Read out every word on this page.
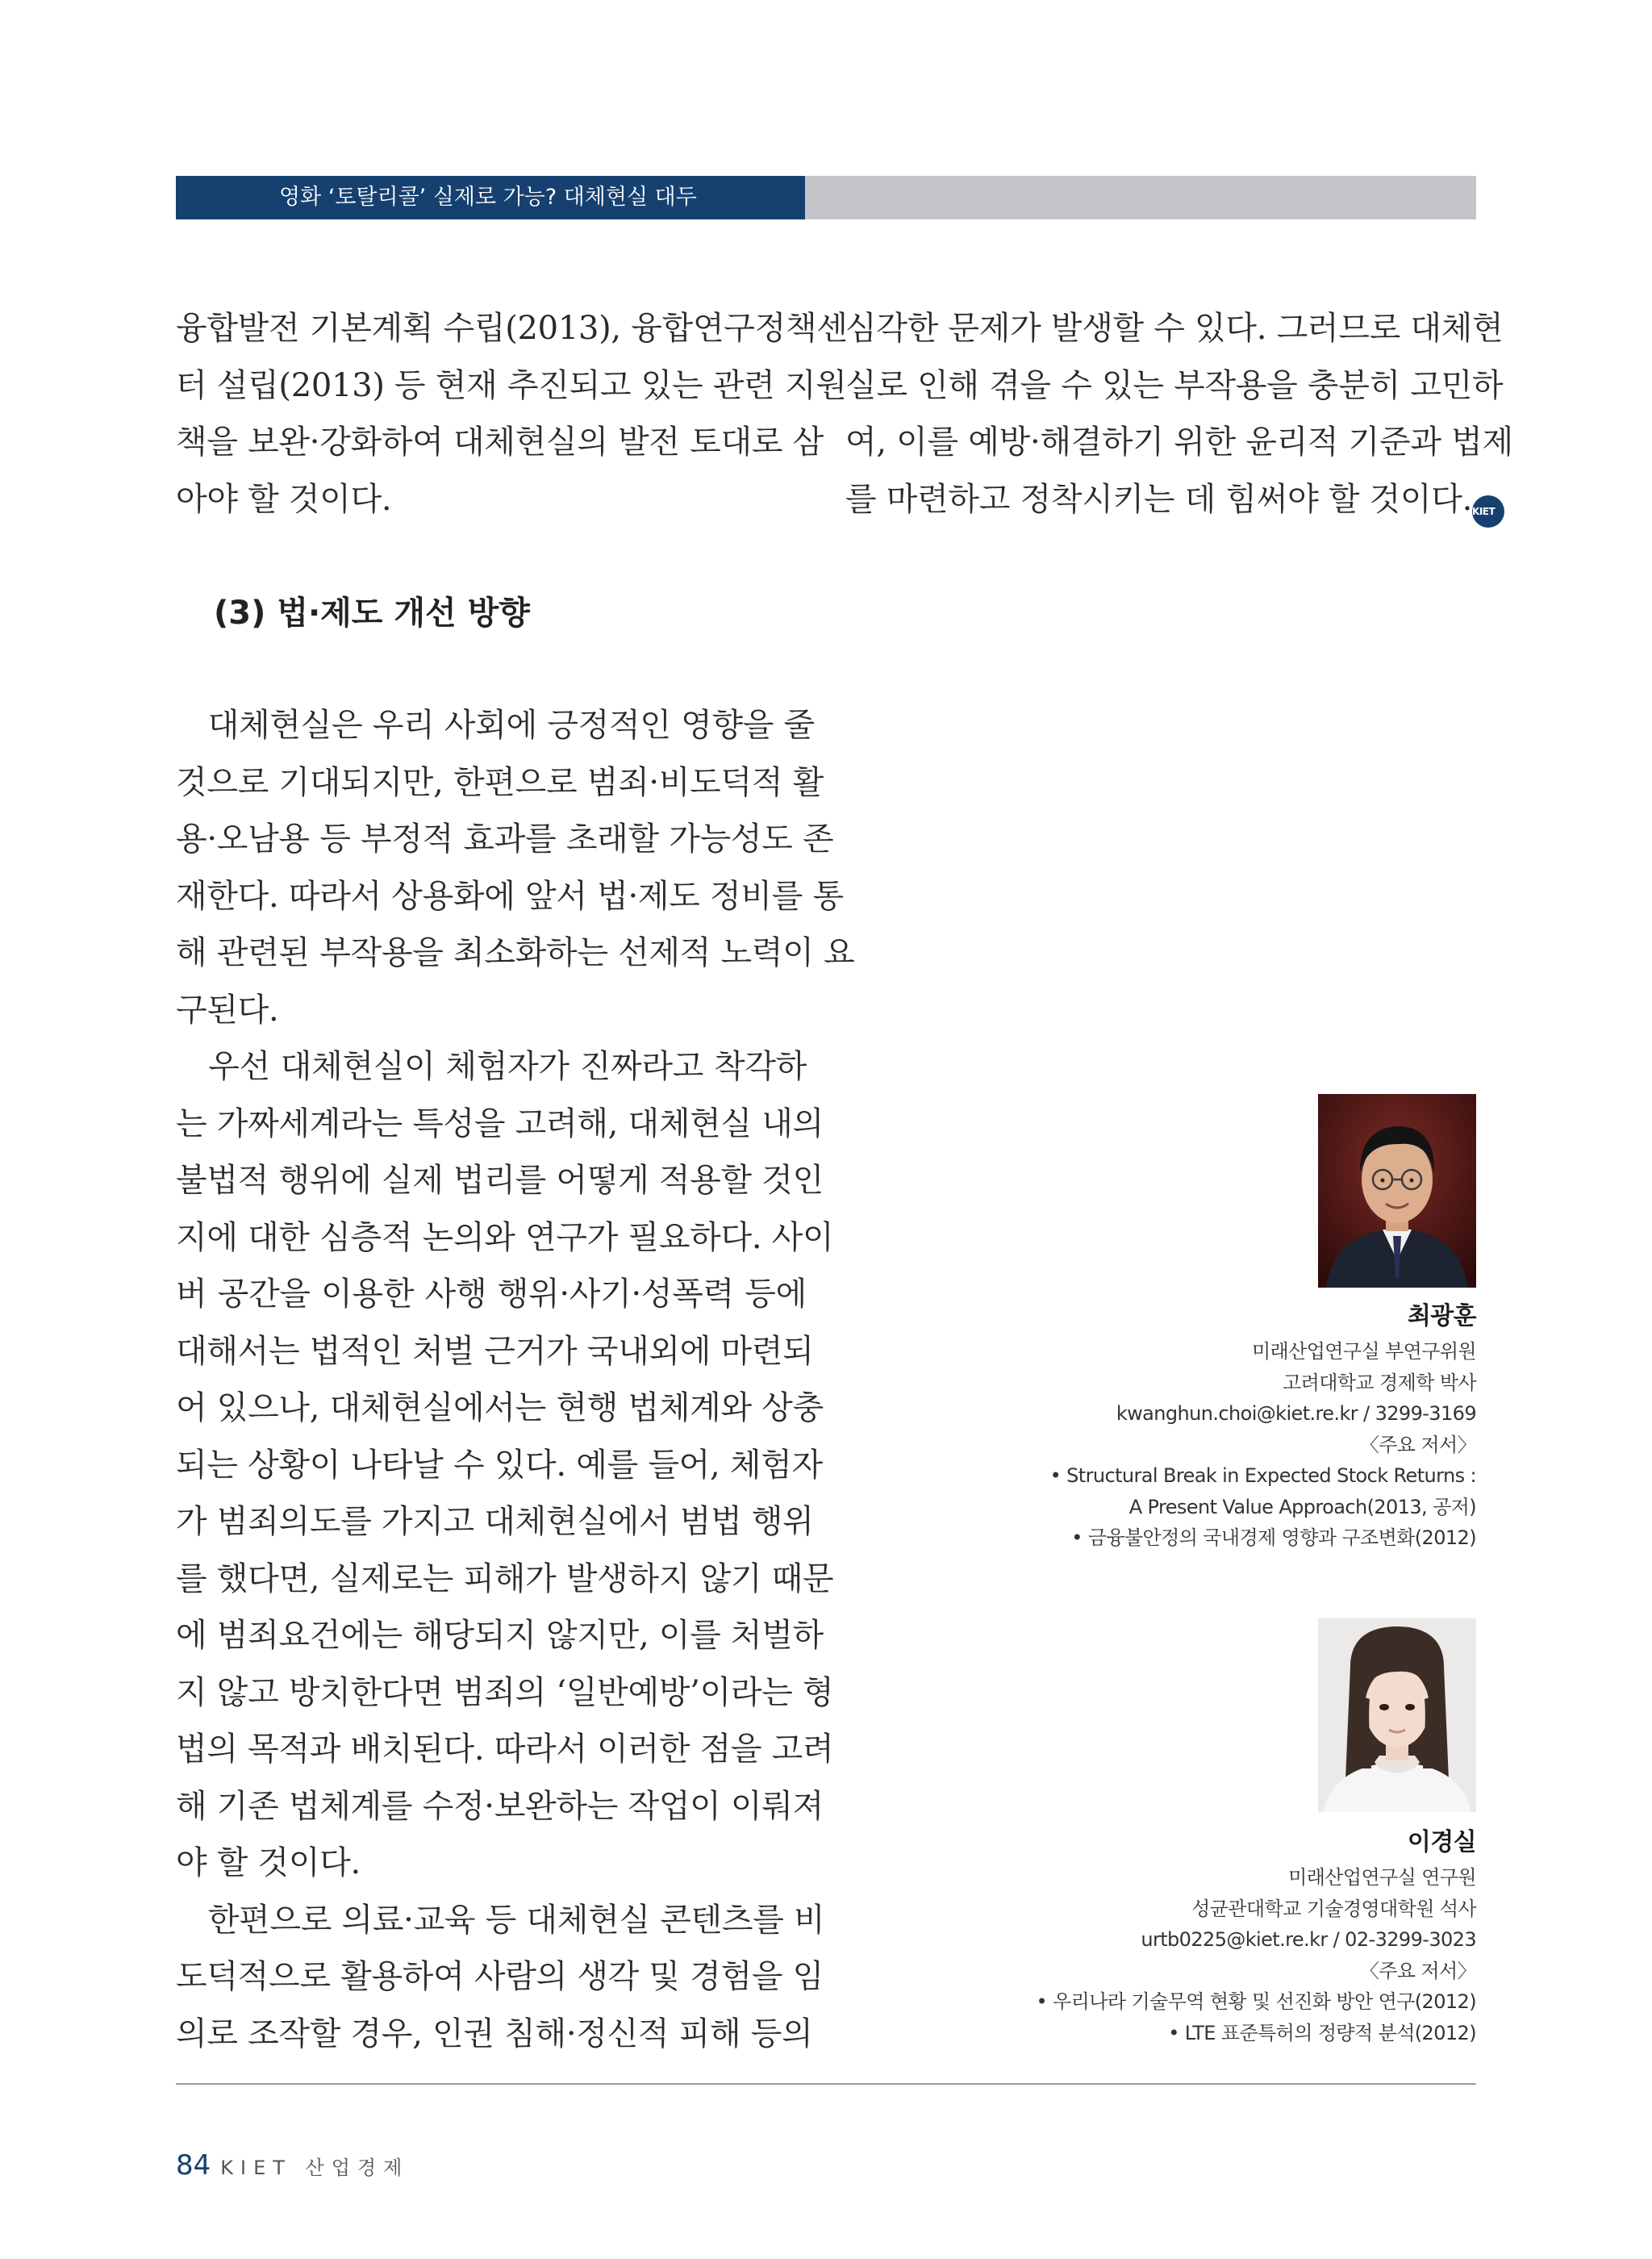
영화 ‘토탈리콜’ 실제로 가능? 대체현실 대두

융합발전 기본계획 수립(2013), 융합연구정책센

터 설립(2013) 등 현재 추진되고 있는 관련 지원

책을 보완·강화하여 대체현실의 발전 토대로 삼

아야 할 것이다.

심각한 문제가 발생할 수 있다. 그러므로 대체현

실로 인해 겪을 수 있는 부작용을 충분히 고민하

여, 이를 예방·해결하기 위한 윤리적 기준과 법제

를 마련하고 정착시키는 데 힘써야 할 것이다.KIET

(3) 법·제도 개선 방향

　대체현실은 우리 사회에 긍정적인 영향을 줄

것으로 기대되지만, 한편으로 범죄·비도덕적 활

용·오남용 등 부정적 효과를 초래할 가능성도 존

재한다. 따라서 상용화에 앞서 법·제도 정비를 통

해 관련된 부작용을 최소화하는 선제적 노력이 요

구된다.

　우선 대체현실이 체험자가 진짜라고 착각하

는 가짜세계라는 특성을 고려해, 대체현실 내의

불법적 행위에 실제 법리를 어떻게 적용할 것인

지에 대한 심층적 논의와 연구가 필요하다. 사이

버 공간을 이용한 사행 행위·사기·성폭력 등에

대해서는 법적인 처벌 근거가 국내외에 마련되

어 있으나, 대체현실에서는 현행 법체계와 상충

되는 상황이 나타날 수 있다. 예를 들어, 체험자

가 범죄의도를 가지고 대체현실에서 범법 행위

를 했다면, 실제로는 피해가 발생하지 않기 때문

에 범죄요건에는 해당되지 않지만, 이를 처벌하

지 않고 방치한다면 범죄의 ‘일반예방’이라는 형

법의 목적과 배치된다. 따라서 이러한 점을 고려

해 기존 법체계를 수정·보완하는 작업이 이뤄져

야 할 것이다.

　한편으로 의료·교육 등 대체현실 콘텐츠를 비

도덕적으로 활용하여 사람의 생각 및 경험을 임

의로 조작할 경우, 인권 침해·정신적 피해 등의

최광훈
미래산업연구실 부연구위원
고려대학교 경제학 박사
kwanghun.choi@kiet.re.kr / 3299-3169
〈주요 저서〉
• Structural Break in Expected Stock Returns :
A Present Value Approach(2013, 공저)
• 금융불안정의 국내경제 영향과 구조변화(2012)
이경실
미래산업연구실 연구원
성균관대학교 기술경영대학원 석사
urtb0225@kiet.re.kr / 02-3299-3023
〈주요 저서〉
• 우리나라 기술무역 현황 및 선진화 방안 연구(2012)
• LTE 표준특허의 정량적 분석(2012)
84 KIET 산업경제
